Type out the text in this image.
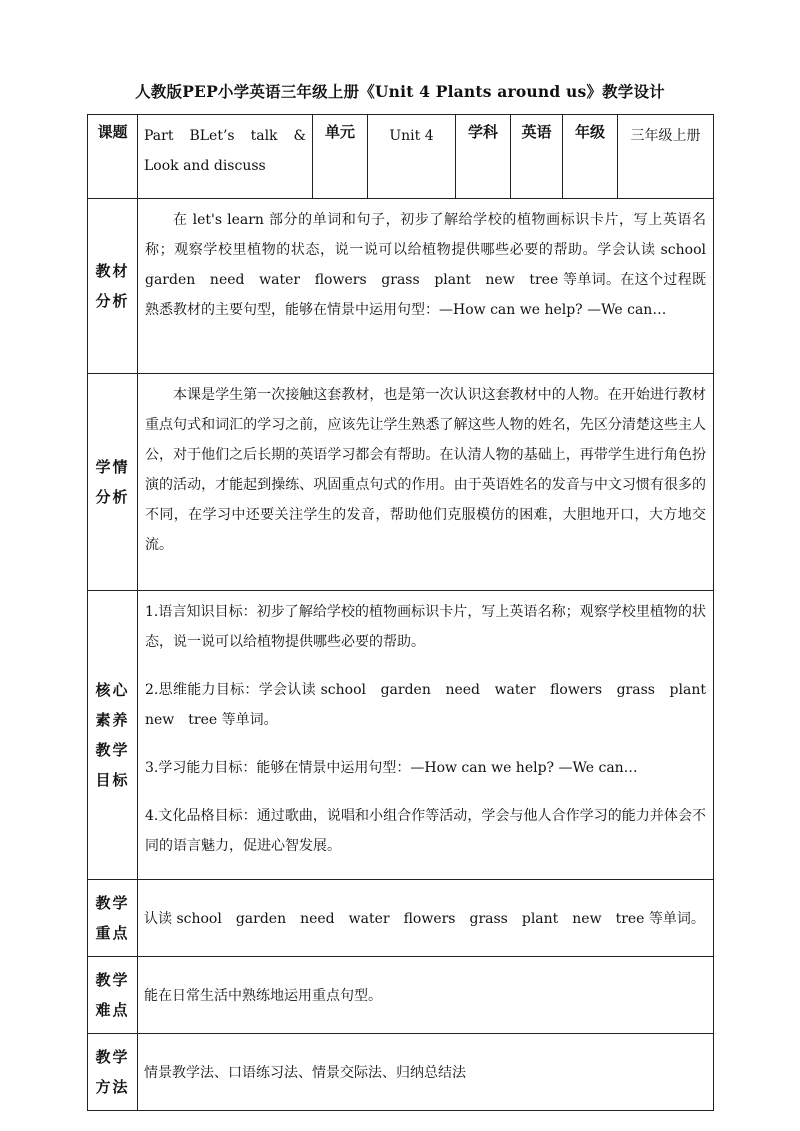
人教版PEP小学英语三年级上册《Unit 4 Plants around us》教学设计
课题	Part BLet’s talk & Look and discuss	单元	Unit 4	学科	英语	年级	三年级上册
教材分析	在 let's learn 部分的单词和句子，初步了解给学校的植物画标识卡片，写上英语名称；观察学校里植物的状态，说一说可以给植物提供哪些必要的帮助。学会认读 school　garden　need　water　flowers　grass　plant　new　tree 等单词。在这个过程既熟悉教材的主要句型，能够在情景中运用句型：—How can we help? —We can…						
学情分析	本课是学生第一次接触这套教材，也是第一次认识这套教材中的人物。在开始进行教材重点句式和词汇的学习之前，应该先让学生熟悉了解这些人物的姓名，先区分清楚这些主人公，对于他们之后长期的英语学习都会有帮助。在认清人物的基础上，再带学生进行角色扮演的活动，才能起到操练、巩固重点句式的作用。由于英语姓名的发音与中文习惯有很多的不同，在学习中还要关注学生的发音，帮助他们克服模仿的困难，大胆地开口，大方地交流。						
核心素养教学目标	1.语言知识目标：初步了解给学校的植物画标识卡片，写上英语名称；观察学校里植物的状态，说一说可以给植物提供哪些必要的帮助。

2.思维能力目标：学会认读 school　garden　need　water　flowers　grass　plant　new　tree 等单词。

3.学习能力目标：能够在情景中运用句型：—How can we help? —We can…

4.文化品格目标：通过歌曲，说唱和小组合作等活动，学会与他人合作学习的能力并体会不同的语言魅力，促进心智发展。						

教学重点	认读 school　garden　need　water　flowers　grass　plant　new　tree 等单词。						
教学难点	能在日常生活中熟练地运用重点句型。						
教学方法	情景教学法、口语练习法、情景交际法、归纳总结法						
